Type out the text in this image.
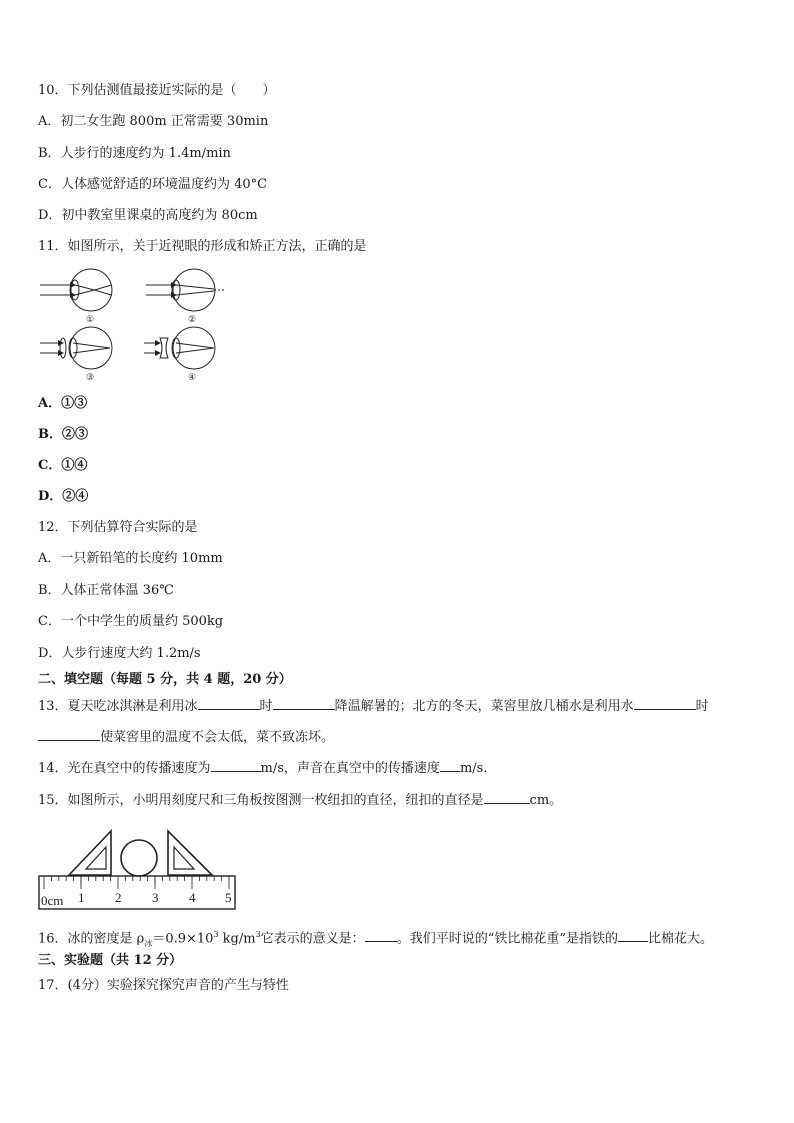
10．下列估测值最接近实际的是（　　）
A．初二女生跑 800m 正常需要 30min
B．人步行的速度约为 1.4m/min
C．人体感觉舒适的环境温度约为 40°C
D．初中教室里课桌的高度约为 80cm
11．如图所示，关于近视眼的形成和矫正方法，正确的是
①	②
③	④
A．①③
B．②③
C．①④
D．②④
12．下列估算符合实际的是
A．一只新铅笔的长度约 10mm
B．人体正常体温 36℃
C．一个中学生的质量约 500kg
D．人步行速度大约 1.2m/s
二、填空题（每题 5 分，共 4 题，20 分）
13．夏天吃冰淇淋是利用冰	时	降温解暑的；北方的冬天，菜窖里放几桶水是利用水	时
使菜窖里的温度不会太低，菜不致冻坏。
14．光在真空中的传播速度为	m/s，声音在真空中的传播速度 m/s.
15．如图所示，小明用刻度尺和三角板按图测一枚纽扣的直径，纽扣的直径是	cm。
0cm 1 2 3 4 5
16．冰的密度是 $\rho_冰=0.9\times 10^3$ $kg/m^3$它表示的意义是： 。我们平时说的“铁比棉花重”是指铁的 比棉花大。
三、实验题（共 12 分）
17．(4分）实验探究探究声音的产生与特性
